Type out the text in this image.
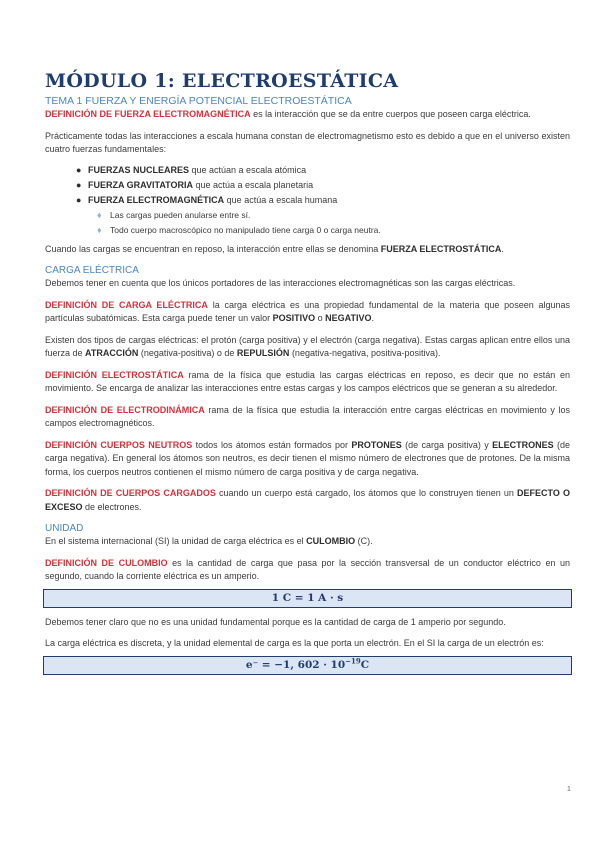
MÓDULO 1: ELECTROESTÁTICA
TEMA 1 FUERZA Y ENERGÍA POTENCIAL ELECTROESTÁTICA

DEFINICIÓN DE FUERZA ELECTROMAGNÉTICA es la interacción que se da entre cuerpos que poseen carga eléctrica.

Prácticamente todas las interacciones a escala humana constan de electromagnetismo esto es debido a que en el universo existen cuatro fuerzas fundamentales:

● FUERZAS NUCLEARES que actúan a escala atómica
● FUERZA GRAVITATORIA que actúa a escala planetaria
● FUERZA ELECTROMAGNÉTICA que actúa a escala humana
♦ Las cargas pueden anularse entre sí.
♦ Todo cuerpo macroscópico no manipulado tiene carga 0 o carga neutra.

Cuando las cargas se encuentran en reposo, la interacción entre ellas se denomina FUERZA ELECTROSTÁTICA.

CARGA ELÉCTRICA

Debemos tener en cuenta que los únicos portadores de las interacciones electromagnéticas son las cargas eléctricas.

DEFINICIÓN DE CARGA ELÉCTRICA la carga eléctrica es una propiedad fundamental de la materia que poseen algunas partículas subatómicas. Esta carga puede tener un valor POSITIVO o NEGATIVO.

Existen dos tipos de cargas eléctricas: el protón (carga positiva) y el electrón (carga negativa). Estas cargas aplican entre ellos una fuerza de ATRACCIÓN (negativa-positiva) o de REPULSIÓN (negativa-negativa, positiva-positiva).

DEFINICIÓN ELECTROSTÁTICA rama de la física que estudia las cargas eléctricas en reposo, es decir que no están en movimiento. Se encarga de analizar las interacciones entre estas cargas y los campos eléctricos que se generan a su alrededor.

DEFINICIÓN DE ELECTRODINÁMICA rama de la física que estudia la interacción entre cargas eléctricas en movimiento y los campos electromagnéticos.

DEFINICIÓN CUERPOS NEUTROS todos los átomos están formados por PROTONES (de carga positiva) y ELECTRONES (de carga negativa). En general los átomos son neutros, es decir tienen el mismo número de electrones que de protones. De la misma forma, los cuerpos neutros contienen el mismo número de carga positiva y de carga negativa.

DEFINICIÓN DE CUERPOS CARGADOS cuando un cuerpo está cargado, los átomos que lo construyen tienen un DEFECTO O EXCESO de electrones.

UNIDAD

En el sistema internacional (SI) la unidad de carga eléctrica es el CULOMBIO (C).

DEFINICIÓN DE CULOMBIO es la cantidad de carga que pasa por la sección transversal de un conductor eléctrico en un segundo, cuando la corriente eléctrica es un amperio.

1 C = 1 A · s

Debemos tener claro que no es una unidad fundamental porque es la cantidad de carga de 1 amperio por segundo.

La carga eléctrica es discreta, y la unidad elemental de carga es la que porta un electrón. En el SI la carga de un electrón es:

e⁻ = −1, $602 \cdot 10^{-19}C$
1
